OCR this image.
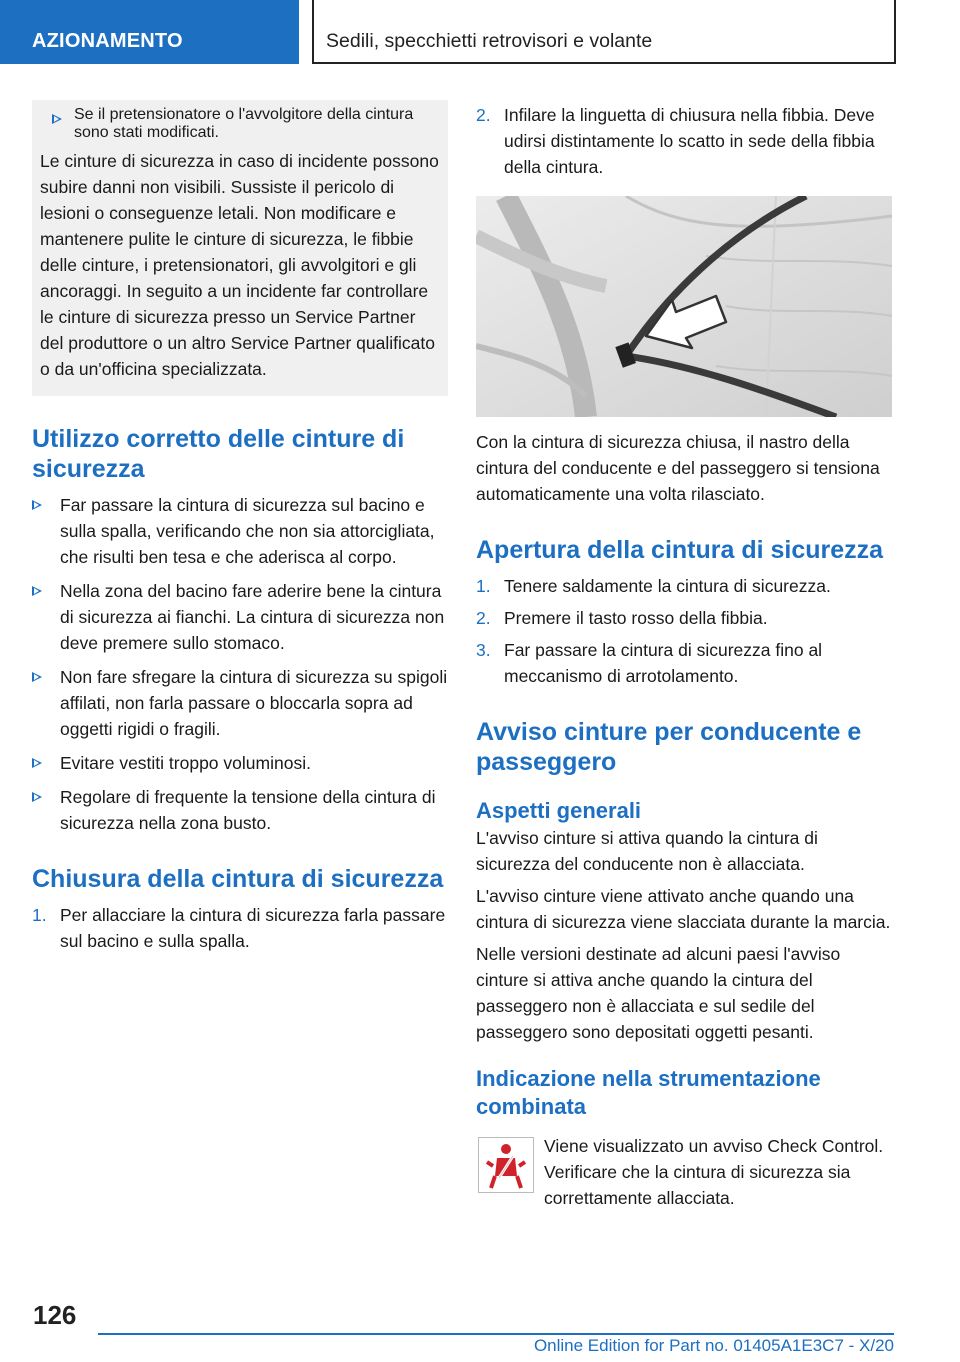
AZIONAMENTO	Sedili, specchietti retrovisori e volante
Se il pretensionatore o l'avvolgitore della cintura sono stati modificati.

Le cinture di sicurezza in caso di incidente possono subire danni non visibili. Sussiste il pericolo di lesioni o conseguenze letali. Non modificare e mantenere pulite le cinture di sicurezza, le fibbie delle cinture, i pretensionatori, gli avvolgitori e gli ancoraggi. In seguito a un incidente far controllare le cinture di sicurezza presso un Service Partner del produttore o un altro Service Partner qualificato o da un'officina specializzata.

Utilizzo corretto delle cinture di sicurezza
Far passare la cintura di sicurezza sul bacino e sulla spalla, verificando che non sia attorcigliata, che risulti ben tesa e che aderisca al corpo.
Nella zona del bacino fare aderire bene la cintura di sicurezza ai fianchi. La cintura di sicurezza non deve premere sullo stomaco.
Non fare sfregare la cintura di sicurezza su spigoli affilati, non farla passare o bloccarla sopra ad oggetti rigidi o fragili.
Evitare vestiti troppo voluminosi.
Regolare di frequente la tensione della cintura di sicurezza nella zona busto.
Chiusura della cintura di sicurezza
1. Per allacciare la cintura di sicurezza farla passare sul bacino e sulla spalla.
2. Infilare la linguetta di chiusura nella fibbia. Deve udirsi distintamente lo scatto in sede della fibbia della cintura.

Con la cintura di sicurezza chiusa, il nastro della cintura del conducente e del passeggero si tensiona automaticamente una volta rilasciato.

Apertura della cintura di sicurezza
1. Tenere saldamente la cintura di sicurezza.
2. Premere il tasto rosso della fibbia.
3. Far passare la cintura di sicurezza fino al meccanismo di arrotolamento.
Avviso cinture per conducente e passeggero
Aspetti generali

L'avviso cinture si attiva quando la cintura di sicurezza del conducente non è allacciata.

L'avviso cinture viene attivato anche quando una cintura di sicurezza viene slacciata durante la marcia.

Nelle versioni destinate ad alcuni paesi l'avviso cinture si attiva anche quando la cintura del passeggero non è allacciata e sul sedile del passeggero sono depositati oggetti pesanti.

Indicazione nella strumentazione combinata

Viene visualizzato un avviso Check Control. Verificare che la cintura di sicurezza sia correttamente allacciata.

126
Online Edition for Part no. 01405A1E3C7 - X/20
